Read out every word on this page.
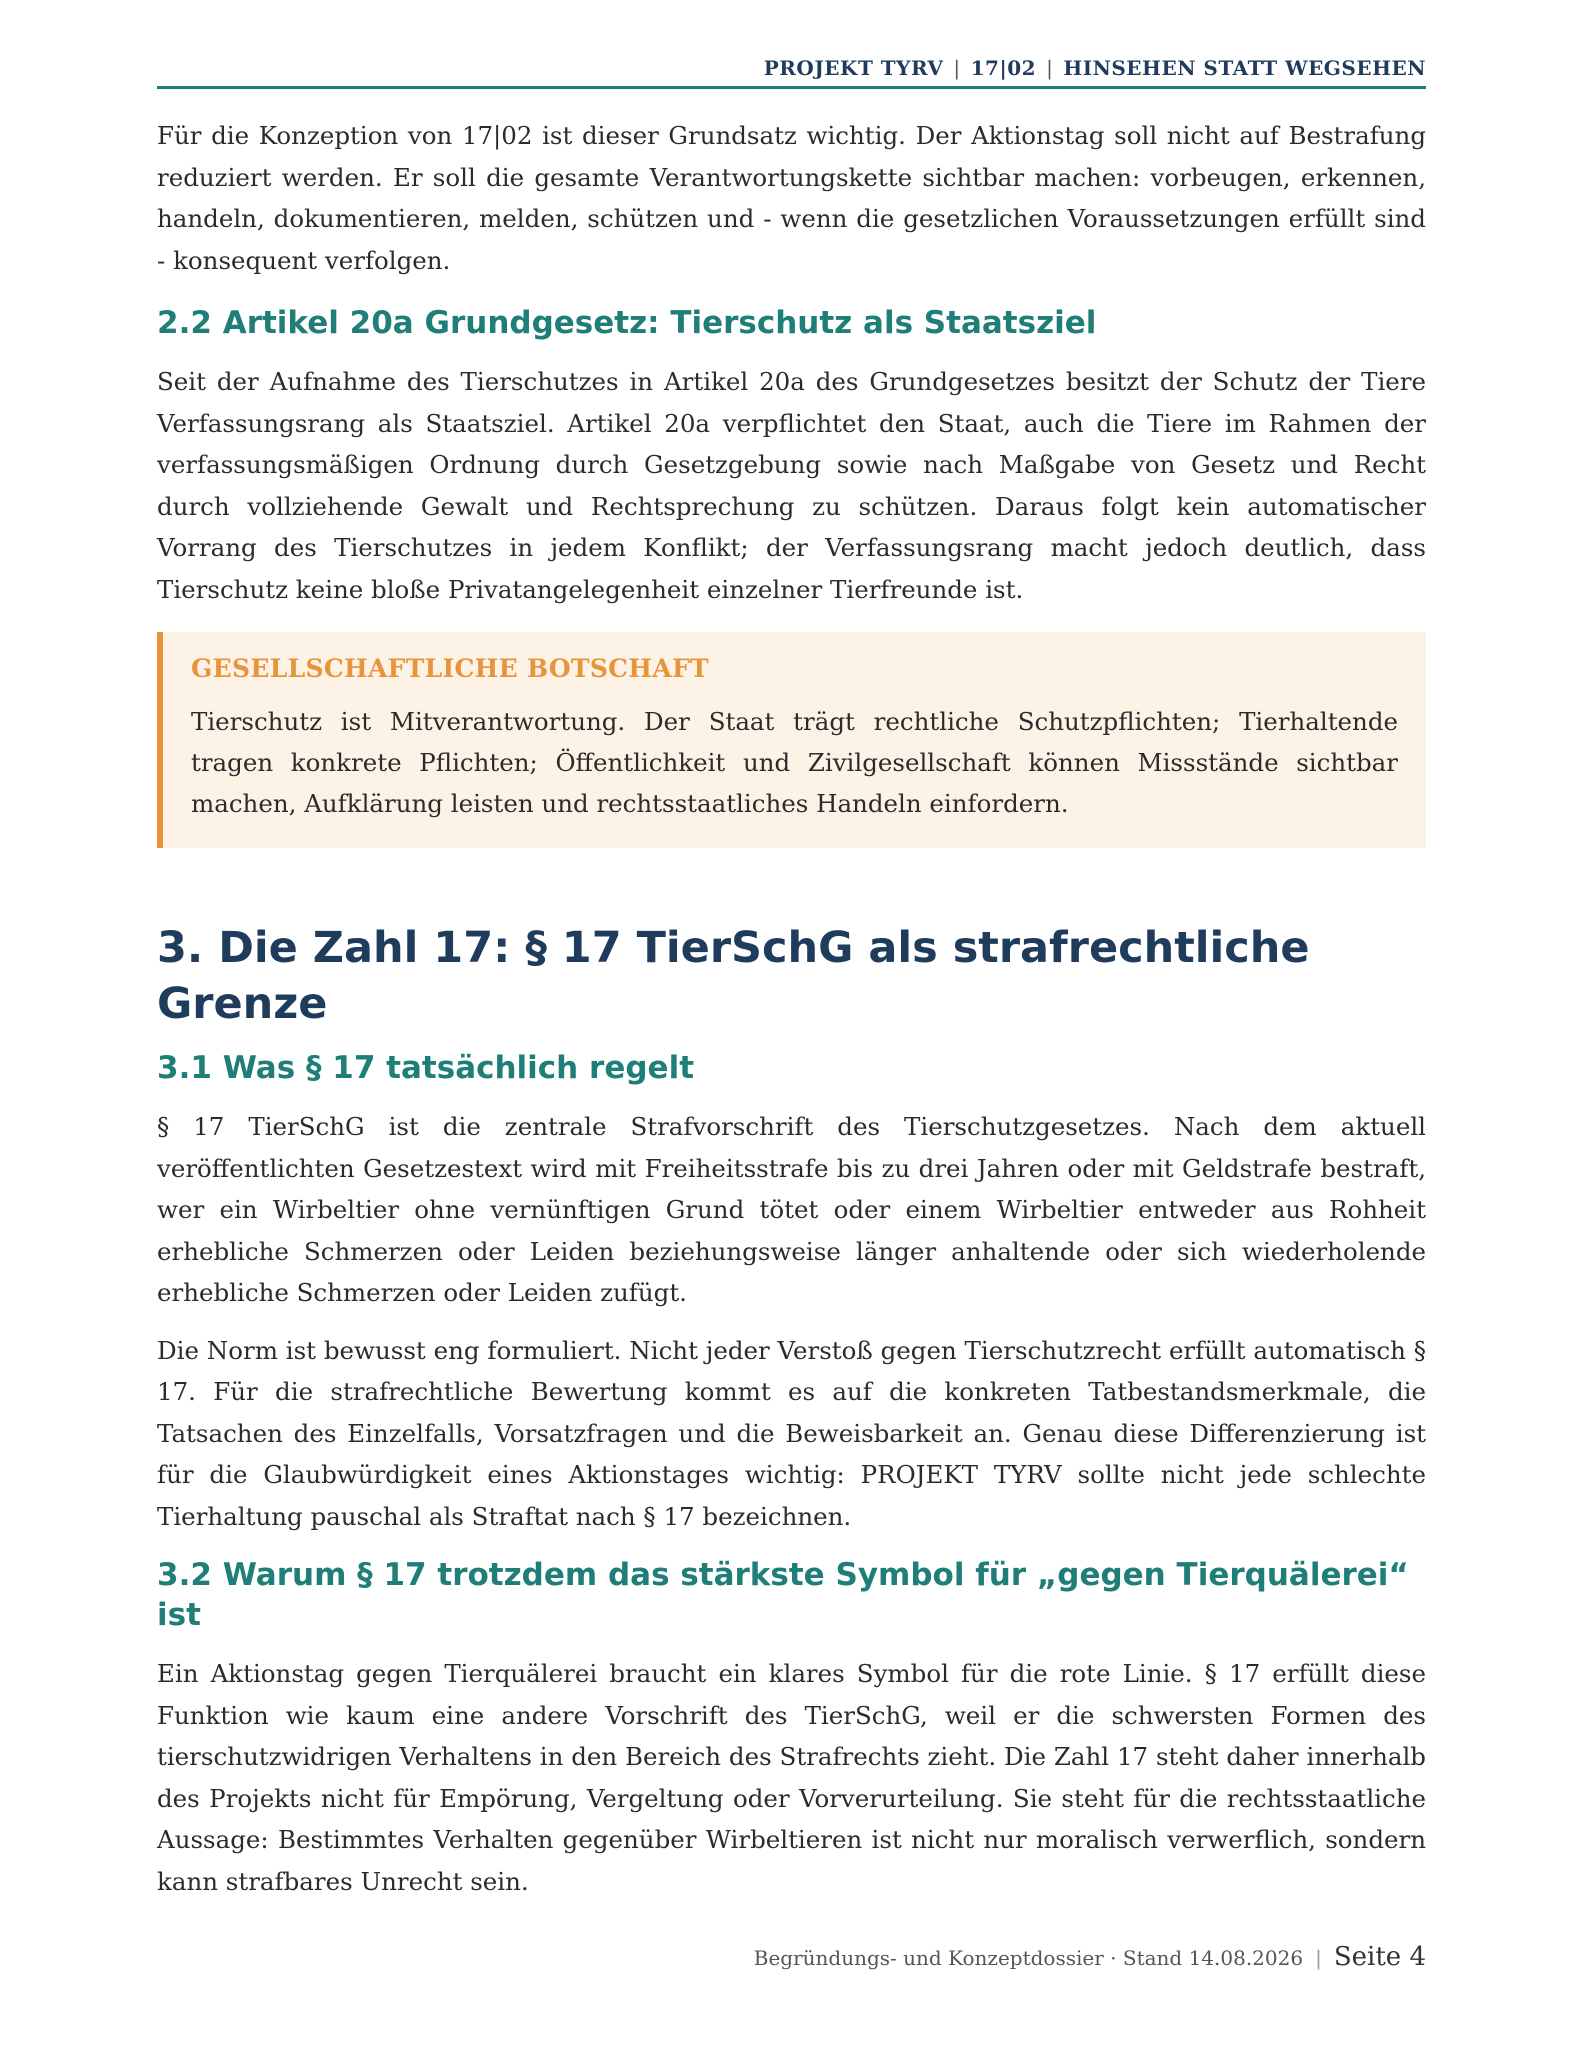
PROJEKT TYRV | 17|02 | HINSEHEN STATT WEGSEHEN

Für die Konzeption von 17|02 ist dieser Grundsatz wichtig. Der Aktionstag soll nicht auf Bestrafung reduziert werden. Er soll die gesamte Verantwortungskette sichtbar machen: vorbeugen, erkennen, handeln, dokumentieren, melden, schützen und - wenn die gesetzlichen Voraussetzungen erfüllt sind - konsequent verfolgen.

2.2 Artikel 20a Grundgesetz: Tierschutz als Staatsziel

Seit der Aufnahme des Tierschutzes in Artikel 20a des Grundgesetzes besitzt der Schutz der Tiere Verfassungsrang als Staatsziel. Artikel 20a verpflichtet den Staat, auch die Tiere im Rahmen der verfassungsmäßigen Ordnung durch Gesetzgebung sowie nach Maßgabe von Gesetz und Recht durch vollziehende Gewalt und Rechtsprechung zu schützen. Daraus folgt kein automatischer Vorrang des Tierschutzes in jedem Konflikt; der Verfassungsrang macht jedoch deutlich, dass Tierschutz keine bloße Privatangelegenheit einzelner Tierfreunde ist.

GESELLSCHAFTLICHE BOTSCHAFT

Tierschutz ist Mitverantwortung. Der Staat trägt rechtliche Schutzpflichten; Tierhaltende tragen konkrete Pflichten; Öffentlichkeit und Zivilgesellschaft können Missstände sichtbar machen, Aufklärung leisten und rechtsstaatliches Handeln einfordern.

3. Die Zahl 17: § 17 TierSchG als strafrechtliche Grenze
3.1 Was § 17 tatsächlich regelt

§ 17 TierSchG ist die zentrale Strafvorschrift des Tierschutzgesetzes. Nach dem aktuell veröffentlichten Gesetzestext wird mit Freiheitsstrafe bis zu drei Jahren oder mit Geldstrafe bestraft, wer ein Wirbeltier ohne vernünftigen Grund tötet oder einem Wirbeltier entweder aus Rohheit erhebliche Schmerzen oder Leiden beziehungsweise länger anhaltende oder sich wiederholende erhebliche Schmerzen oder Leiden zufügt.

Die Norm ist bewusst eng formuliert. Nicht jeder Verstoß gegen Tierschutzrecht erfüllt automatisch § 17. Für die strafrechtliche Bewertung kommt es auf die konkreten Tatbestandsmerkmale, die Tatsachen des Einzelfalls, Vorsatzfragen und die Beweisbarkeit an. Genau diese Differenzierung ist für die Glaubwürdigkeit eines Aktionstages wichtig: PROJEKT TYRV sollte nicht jede schlechte Tierhaltung pauschal als Straftat nach § 17 bezeichnen.

3.2 Warum § 17 trotzdem das stärkste Symbol für „gegen Tierquälerei“ ist

Ein Aktionstag gegen Tierquälerei braucht ein klares Symbol für die rote Linie. § 17 erfüllt diese Funktion wie kaum eine andere Vorschrift des TierSchG, weil er die schwersten Formen des tierschutzwidrigen Verhaltens in den Bereich des Strafrechts zieht. Die Zahl 17 steht daher innerhalb des Projekts nicht für Empörung, Vergeltung oder Vorverurteilung. Sie steht für die rechtsstaatliche Aussage: Bestimmtes Verhalten gegenüber Wirbeltieren ist nicht nur moralisch verwerflich, sondern kann strafbares Unrecht sein.

Begründungs- und Konzeptdossier · Stand 14.08.2026 | Seite 4
